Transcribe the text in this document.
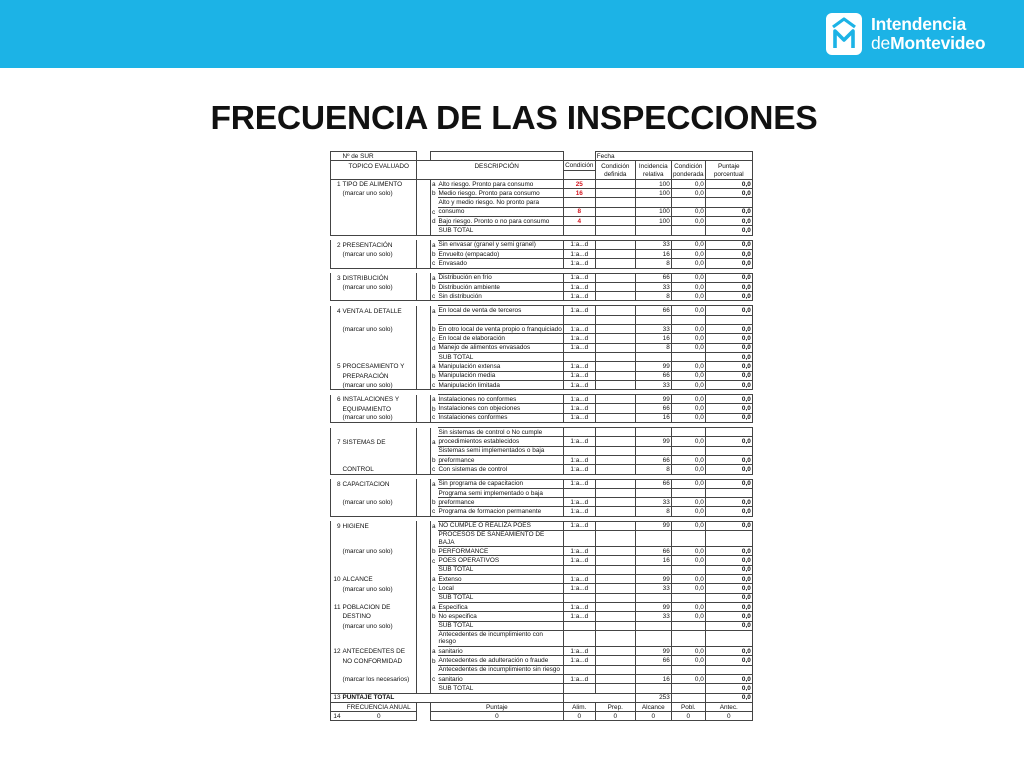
Intendencia
deMontevideo
FRECUENCIA DE LAS INSPECCIONES
	Nº de SUR					Fecha			
	TOPICO EVALUADO		DESCRIPCIÓN		Condición	Condición	Incidencia	Condición	Puntaje
						definida	relativa	ponderada	porcentual
1	TIPO DE ALIMENTO		a	Alto riesgo. Pronto para consumo	25		100	0,0	0,0
	(marcar uno solo)		b	Medio riesgo. Pronto para consumo	16		100	0,0	0,0
				Alto y medio riesgo. No pronto para					
			c	consumo	8		100	0,0	0,0
			d	Bajo riesgo. Pronto o no para consumo	4		100	0,0	0,0
				SUB TOTAL					0,0

2	PRESENTACIÓN		a	Sin envasar (granel y semi granel)	1:a...d		33	0,0	0,0
	(marcar uno solo)		b	Envuelto (empacado)	1:a...d		16	0,0	0,0
			c	Envasado	1:a...d		8	0,0	0,0

3	DISTRIBUCIÓN		a	Distribución en frío	1:a...d		66	0,0	0,0
	(marcar uno solo)		b	Distribución ambiente	1:a...d		33	0,0	0,0
			c	Sin distribución	1:a...d		8	0,0	0,0

4	VENTA AL DETALLE		a	En local de venta de terceros	1:a...d		66	0,0	0,0

	(marcar uno solo)		b	En otro local de venta propio o franquiciado	1:a...d		33	0,0	0,0
			c	En local de elaboración	1:a...d		16	0,0	0,0
			d	Manejo de alimentos envasados	1:a...d		8	0,0	0,0
				SUB TOTAL					0,0
5	PROCESAMIENTO Y		a	Manipulación extensa	1:a...d		99	0,0	0,0
	PREPARACIÓN		b	Manipulación media	1:a...d		66	0,0	0,0
	(marcar uno solo)		c	Manipulación limitada	1:a...d		33	0,0	0,0

6	INSTALACIONES Y		a	Instalaciones no conformes	1:a...d		99	0,0	0,0
	EQUIPAMIENTO		b	Instalaciones con objeciones	1:a...d		66	0,0	0,0
	(marcar uno solo)		c	Instalaciones conformes	1:a...d		16	0,0	0,0

				Sin sistemas de control o No cumple					
7	SISTEMAS DE		a	procedimientos establecidos	1:a...d		99	0,0	0,0
				Sistemas semi implementados o baja					
			b	preformance	1:a...d		66	0,0	0,0
	CONTROL		c	Con sistemas de control	1:a...d		8	0,0	0,0

8	CAPACITACION		a	Sin programa de capacitacion	1:a...d		66	0,0	0,0
				Programa semi implementado o baja					
	(marcar uno solo)		b	preformance	1:a...d		33	0,0	0,0
			c	Programa de formacion permanente	1:a...d		8	0,0	0,0

9	HIGIENE		a	NO CUMPLE O REALIZA POES	1:a...d		99	0,0	0,0
				PROCESOS DE SANEAMIENTO DE BAJA					
	(marcar uno solo)		b	PERFORMANCE	1:a...d		66	0,0	0,0
			c	POES OPERATIVOS	1:a...d		16	0,0	0,0
				SUB TOTAL					0,0
10	ALCANCE		a	Extenso	1:a...d		99	0,0	0,0
	(marcar uno solo)		c	Local	1:a...d		33	0,0	0,0
				SUB TOTAL					0,0
11	POBLACION DE		a	Especifica	1:a...d		99	0,0	0,0
	DESTINO		b	No especifica	1:a...d		33	0,0	0,0
	(marcar uno solo)			SUB TOTAL					0,0
				Antecedentes de incumplimiento con riesgo					
12	ANTECEDENTES DE		a	sanitario	1:a...d		99	0,0	0,0
	NO CONFORMIDAD		b	Antecedentes de adulteración o fraude	1:a...d		66	0,0	0,0
				Antecedentes de incumplimiento sin riesgo					
	(marcar los necesarios)		c	sanitario	1:a...d		16	0,0	0,0
				SUB TOTAL					0,0
13	PUNTAJE TOTAL						253		0,0
	FRECUENCIA ANUAL		Puntaje		Alim.	Prep.	Alcance	Pobl.	Antec.
14	0		0		0	0	0	0	0
